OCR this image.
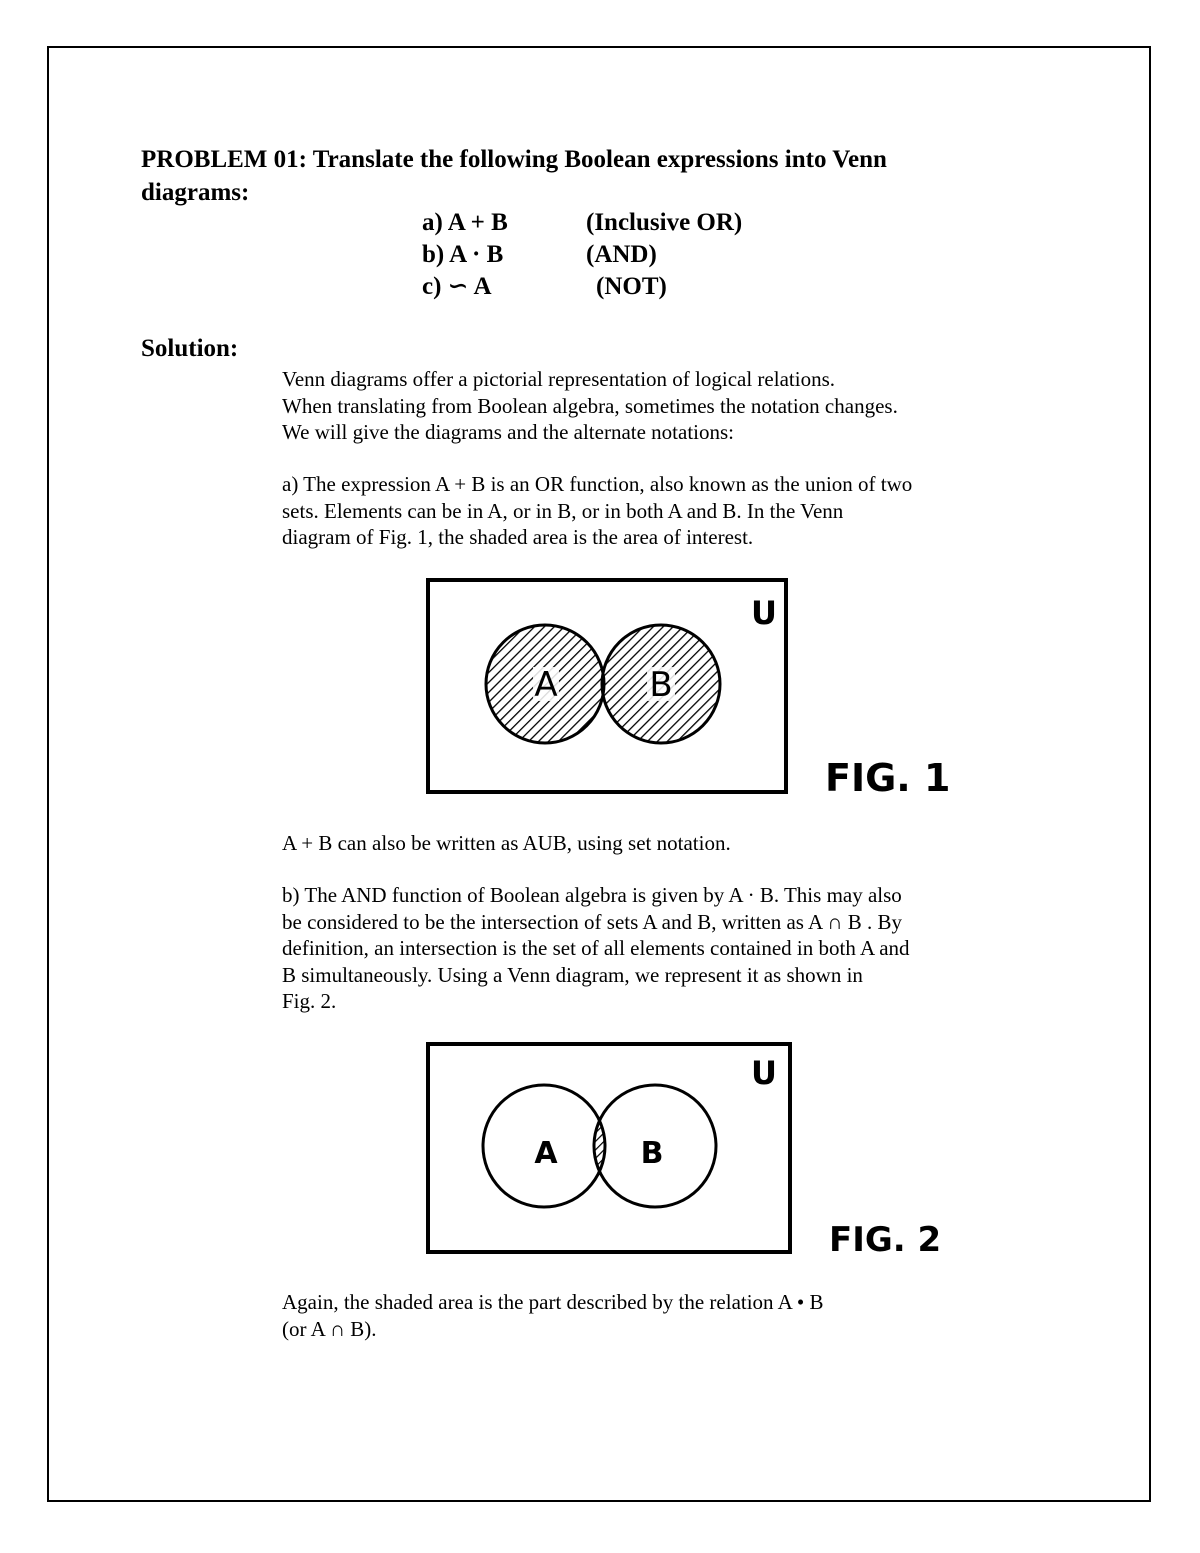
PROBLEM 01: Translate the following Boolean expressions into Venn
diagrams:
a) A + B	(Inclusive OR)
b) A · B	(AND)
c) ∽ A	(NOT)
Solution:
Venn diagrams offer a pictorial representation of logical relations.
When translating from Boolean algebra, sometimes the notation changes.
We will give the diagrams and the alternate notations:
a) The expression A + B is an OR function, also known as the union of two
sets. Elements can be in A, or in B, or in both A and B. In the Venn
diagram of Fig. 1, the shaded area is the area of interest.
A	B
U
FIG. 1
A + B can also be written as AUB, using set notation.
b) The AND function of Boolean algebra is given by A · B. This may also
be considered to be the intersection of sets A and B, written as A ∩ B . By
definition, an intersection is the set of all elements contained in both A and
B simultaneously. Using a Venn diagram, we represent it as shown in
Fig. 2.
A	B
U
FIG. 2
Again, the shaded area is the part described by the relation A • B
(or A ∩ B).
